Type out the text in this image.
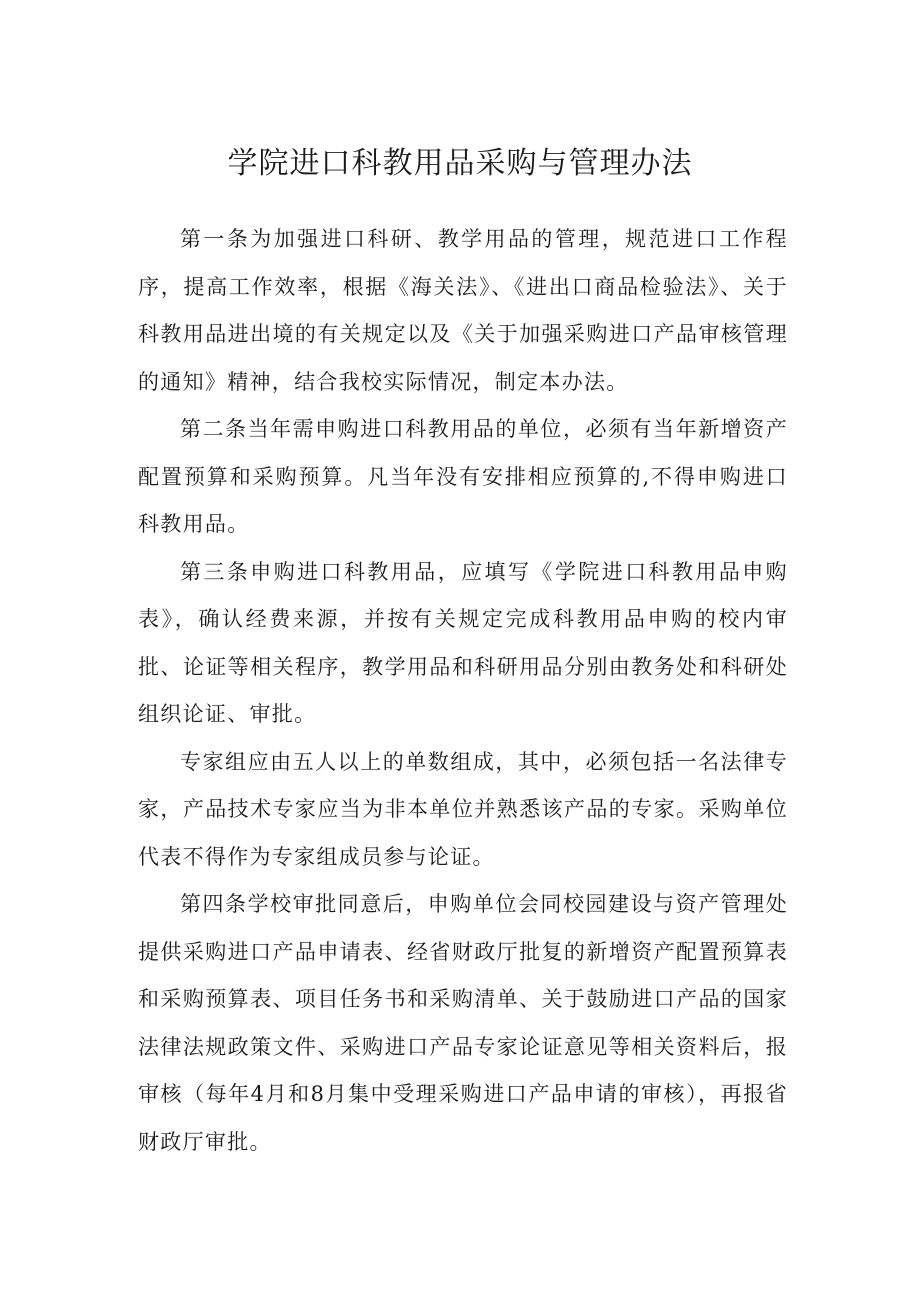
学院进口科教用品采购与管理办法

第一条为加强进口科研、教学用品的管理，规范进口工作程序，提高工作效率，根据《海关法》、《进出口商品检验法》、关于科教用品进出境的有关规定以及《关于加强采购进口产品审核管理的通知》精神，结合我校实际情况，制定本办法。

第二条当年需申购进口科教用品的单位，必须有当年新增资产配置预算和采购预算。凡当年没有安排相应预算的,不得申购进口科教用品。

第三条申购进口科教用品，应填写《学院进口科教用品申购表》，确认经费来源，并按有关规定完成科教用品申购的校内审批、论证等相关程序，教学用品和科研用品分别由教务处和科研处组织论证、审批。

专家组应由五人以上的单数组成，其中，必须包括一名法律专家，产品技术专家应当为非本单位并熟悉该产品的专家。采购单位代表不得作为专家组成员参与论证。

第四条学校审批同意后，申购单位会同校园建设与资产管理处提供采购进口产品申请表、经省财政厅批复的新增资产配置预算表和采购预算表、项目任务书和采购清单、关于鼓励进口产品的国家法律法规政策文件、采购进口产品专家论证意见等相关资料后，报审核（每年4月和8月集中受理采购进口产品申请的审核），再报省财政厅审批。
